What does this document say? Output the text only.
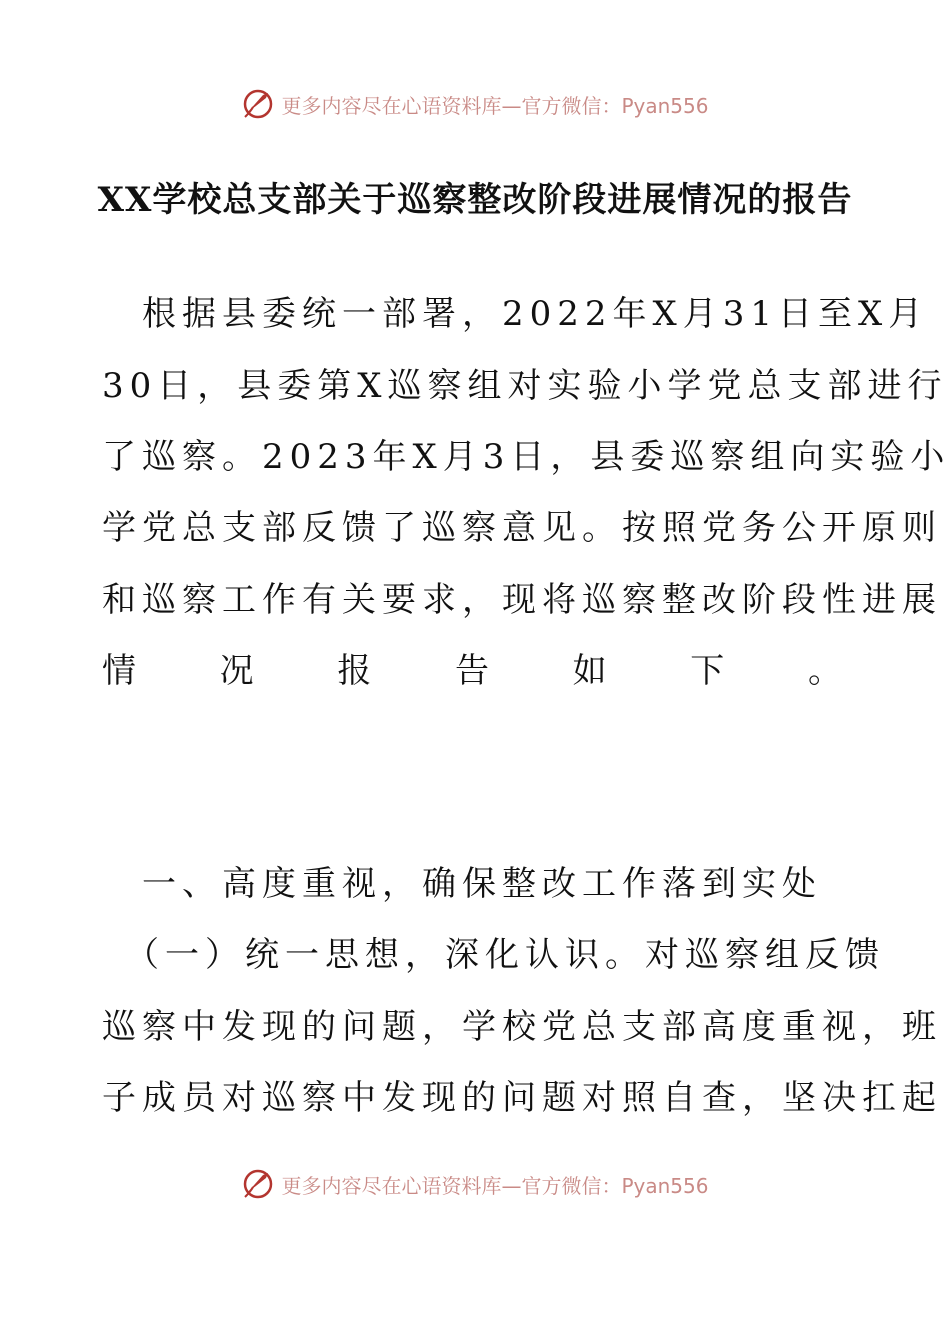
更多内容尽在心语资料库—官方微信：Pyan556
XX学校总支部关于巡察整改阶段进展情况的报告
　根据县委统一部署，2022年X月31日至X月
30日，县委第X巡察组对实验小学党总支部进行
了巡察。2023年X月3日，县委巡察组向实验小
学党总支部反馈了巡察意见。按照党务公开原则
和巡察工作有关要求，现将巡察整改阶段性进展
情 况 报 告 如 下 。
　一、高度重视，确保整改工作落到实处
　（一）统一思想，深化认识。对巡察组反馈
巡察中发现的问题，学校党总支部高度重视，班
子成员对巡察中发现的问题对照自查，坚决扛起
更多内容尽在心语资料库—官方微信：Pyan556
